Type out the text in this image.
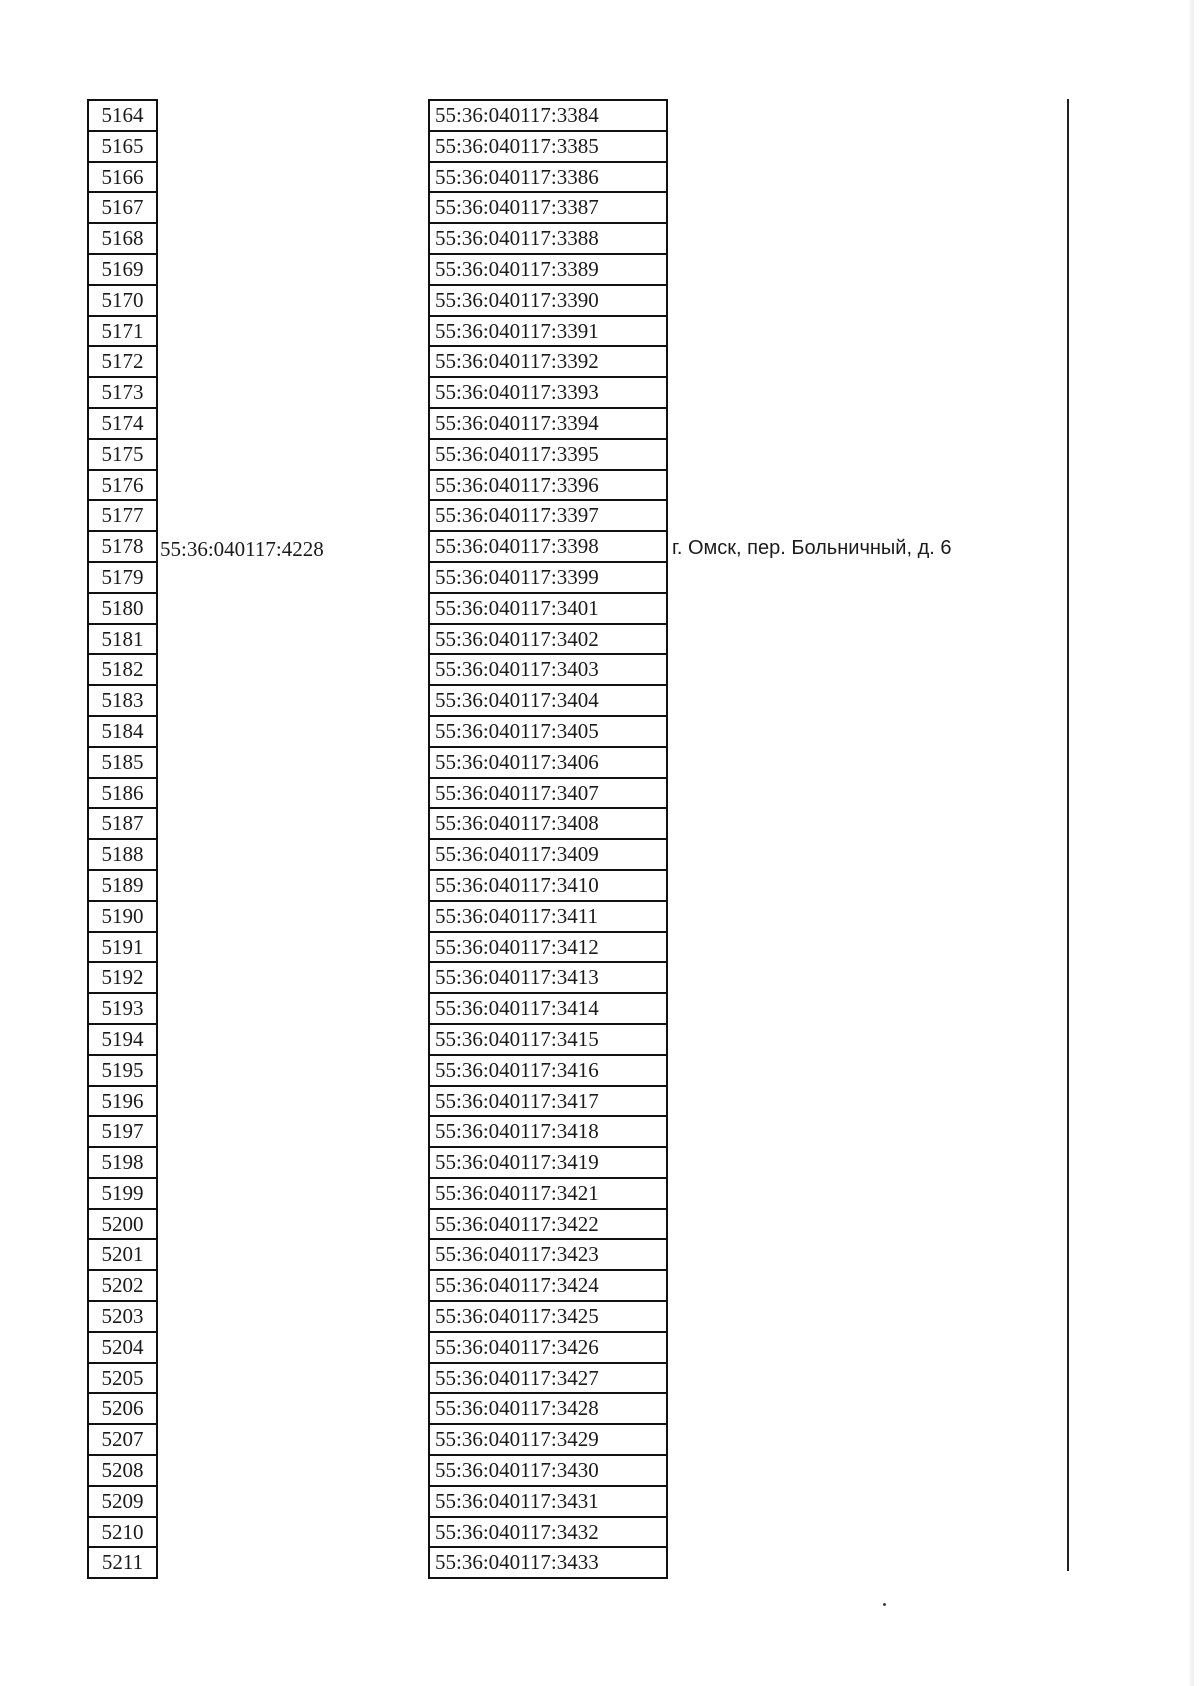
5164
5165
5166
5167
5168
5169
5170
5171
5172
5173
5174
5175
5176
5177
5178
5179
5180
5181
5182
5183
5184
5185
5186
5187
5188
5189
5190
5191
5192
5193
5194
5195
5196
5197
5198
5199
5200
5201
5202
5203
5204
5205
5206
5207
5208
5209
5210
5211

55:36:040117:4228

55:36:040117:3384
55:36:040117:3385
55:36:040117:3386
55:36:040117:3387
55:36:040117:3388
55:36:040117:3389
55:36:040117:3390
55:36:040117:3391
55:36:040117:3392
55:36:040117:3393
55:36:040117:3394
55:36:040117:3395
55:36:040117:3396
55:36:040117:3397
55:36:040117:3398
55:36:040117:3399
55:36:040117:3401
55:36:040117:3402
55:36:040117:3403
55:36:040117:3404
55:36:040117:3405
55:36:040117:3406
55:36:040117:3407
55:36:040117:3408
55:36:040117:3409
55:36:040117:3410
55:36:040117:3411
55:36:040117:3412
55:36:040117:3413
55:36:040117:3414
55:36:040117:3415
55:36:040117:3416
55:36:040117:3417
55:36:040117:3418
55:36:040117:3419
55:36:040117:3421
55:36:040117:3422
55:36:040117:3423
55:36:040117:3424
55:36:040117:3425
55:36:040117:3426
55:36:040117:3427
55:36:040117:3428
55:36:040117:3429
55:36:040117:3430
55:36:040117:3431
55:36:040117:3432
55:36:040117:3433

г. Омск, пер. Больничный, д. 6
